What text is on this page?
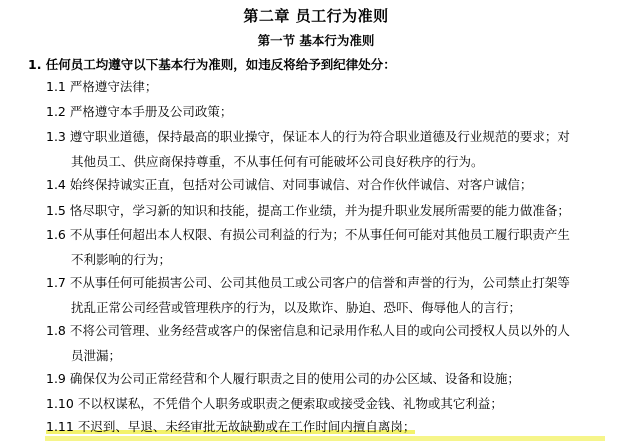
第二章 员工行为准则
第一节 基本行为准则
1. 任何员工均遵守以下基本行为准则，如违反将给予到纪律处分：
1.1 严格遵守法律；
1.2 严格遵守本手册及公司政策；
1.3 遵守职业道德，保持最高的职业操守，保证本人的行为符合职业道德及行业规范的要求；对
其他员工、供应商保持尊重，不从事任何有可能破坏公司良好秩序的行为。
1.4 始终保持诚实正直，包括对公司诚信、对同事诚信、对合作伙伴诚信、对客户诚信；
1.5 恪尽职守，学习新的知识和技能，提高工作业绩，并为提升职业发展所需要的能力做准备；
1.6 不从事任何超出本人权限、有损公司利益的行为；不从事任何可能对其他员工履行职责产生
不利影响的行为；
1.7 不从事任何可能损害公司、公司其他员工或公司客户的信誉和声誉的行为，公司禁止打架等
扰乱正常公司经营或管理秩序的行为，以及欺诈、胁迫、恐吓、侮辱他人的言行；
1.8 不将公司管理、业务经营或客户的保密信息和记录用作私人目的或向公司授权人员以外的人
员泄漏；
1.9 确保仅为公司正常经营和个人履行职责之目的使用公司的办公区域、设备和设施；
1.10 不以权谋私，不凭借个人职务或职责之便索取或接受金钱、礼物或其它利益；
1.11 不迟到、早退、未经审批无故缺勤或在工作时间内擅自离岗；
